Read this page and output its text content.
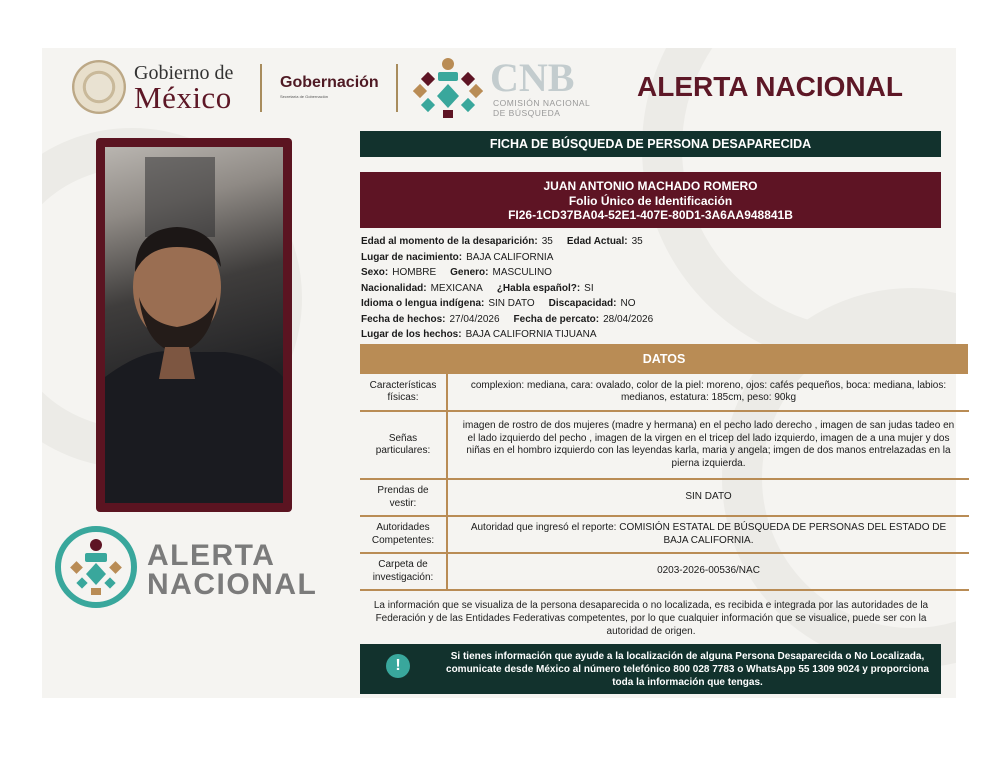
Gobierno de
México	Gobernación
Secretaría de Gobernación	CNB
COMISIÓN NACIONAL
DE BÚSQUEDA
ALERTA NACIONAL
ALERTA
NACIONAL
FICHA DE BÚSQUEDA DE PERSONA DESAPARECIDA
JUAN ANTONIO MACHADO ROMERO
Folio Único de Identificación
FI26-1CD37BA04-52E1-407E-80D1-3A6AA948841B
Edad al momento de la desaparición: 35 Edad Actual: 35
Lugar de nacimiento: BAJA CALIFORNIA
Sexo: HOMBRE Genero: MASCULINO
Nacionalidad: MEXICANA ¿Habla español?: SI
Idioma o lengua indígena: SIN DATO Discapacidad: NO
Fecha de hechos: 27/04/2026 Fecha de percato: 28/04/2026
Lugar de los hechos: BAJA CALIFORNIA TIJUANA
DATOS
Características físicas:	complexion: mediana, cara: ovalado, color de la piel: moreno, ojos: cafés pequeños, boca: mediana, labios: medianos, estatura: 185cm, peso: 90kg
Señas particulares:	imagen de rostro de dos mujeres (madre y hermana) en el pecho lado derecho , imagen de san judas tadeo en el lado izquierdo del pecho , imagen de la virgen en el tricep del lado izquierdo, imagen de a una mujer y dos niñas en el hombro izquierdo con las leyendas karla, maria y angela; imgen de dos manos entrelazadas en la pierna izquierda.
Prendas de vestir:	SIN DATO
Autoridades Competentes:	Autoridad que ingresó el reporte: COMISIÓN ESTATAL DE BÚSQUEDA DE PERSONAS DEL ESTADO DE BAJA CALIFORNIA.
Carpeta de investigación:	0203-2026-00536/NAC
La información que se visualiza de la persona desaparecida o no localizada, es recibida e integrada por las autoridades de la Federación y de las Entidades Federativas competentes, por lo que cualquier información que se visualice, puede ser con la autoridad de origen.
Si tienes información que ayude a la localización de alguna Persona Desaparecida o No Localizada, comunicate desde México al número telefónico 800 028 7783 o WhatsApp 55 1309 9024 y proporciona toda la información que tengas.
!
